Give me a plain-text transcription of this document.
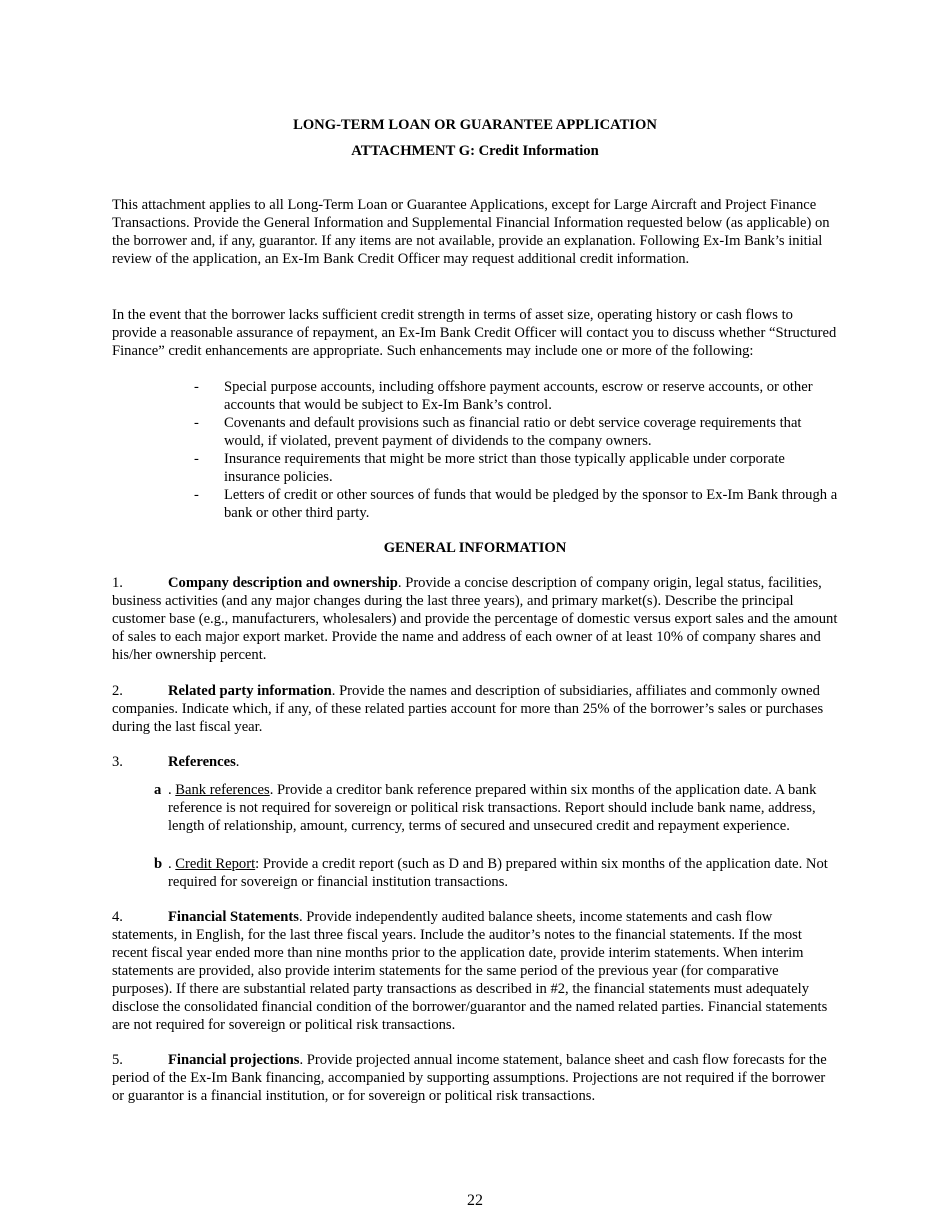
LONG-TERM LOAN OR GUARANTEE APPLICATION
ATTACHMENT G: Credit Information

This attachment applies to all Long-Term Loan or Guarantee Applications, except for Large Aircraft and Project Finance Transactions. Provide the General Information and Supplemental Financial Information requested below (as applicable) on the borrower and, if any, guarantor. If any items are not available, provide an explanation. Following Ex-Im Bank’s initial review of the application, an Ex-Im Bank Credit Officer may request additional credit information.

In the event that the borrower lacks sufficient credit strength in terms of asset size, operating history or cash flows to provide a reasonable assurance of repayment, an Ex-Im Bank Credit Officer will contact you to discuss whether “Structured Finance” credit enhancements are appropriate. Such enhancements may include one or more of the following:

- Special purpose accounts, including offshore payment accounts, escrow or reserve accounts, or other accounts that would be subject to Ex-Im Bank’s control.
- Covenants and default provisions such as financial ratio or debt service coverage requirements that would, if violated, prevent payment of dividends to the company owners.
- Insurance requirements that might be more strict than those typically applicable under corporate insurance policies.
- Letters of credit or other sources of funds that would be pledged by the sponsor to Ex-Im Bank through a bank or other third party.
GENERAL INFORMATION

1.	Company description and ownership. Provide a concise description of company origin, legal status, facilities, business activities (and any major changes during the last three years), and primary market(s). Describe the principal customer base (e.g., manufacturers, wholesalers) and provide the percentage of domestic versus export sales and the amount of sales to each major export market. Provide the name and address of each owner of at least 10% of company shares and his/her ownership percent.

2.	Related party information. Provide the names and description of subsidiaries, affiliates and commonly owned companies. Indicate which, if any, of these related parties account for more than 25% of the borrower’s sales or purchases during the last fiscal year.

3.	References.

a . Bank references. Provide a creditor bank reference prepared within six months of the application date. A bank reference is not required for sovereign or political risk transactions. Report should include bank name, address, length of relationship, amount, currency, terms of secured and unsecured credit and repayment experience.
b . Credit Report: Provide a credit report (such as D and B) prepared within six months of the application date. Not required for sovereign or financial institution transactions.

4.	Financial Statements. Provide independently audited balance sheets, income statements and cash flow statements, in English, for the last three fiscal years. Include the auditor’s notes to the financial statements. If the most recent fiscal year ended more than nine months prior to the application date, provide interim statements. When interim statements are provided, also provide interim statements for the same period of the previous year (for comparative purposes). If there are substantial related party transactions as described in #2, the financial statements must adequately disclose the consolidated financial condition of the borrower/guarantor and the named related parties. Financial statements are not required for sovereign or political risk transactions.

5.	Financial projections. Provide projected annual income statement, balance sheet and cash flow forecasts for the period of the Ex-Im Bank financing, accompanied by supporting assumptions. Projections are not required if the borrower or guarantor is a financial institution, or for sovereign or political risk transactions.

22
